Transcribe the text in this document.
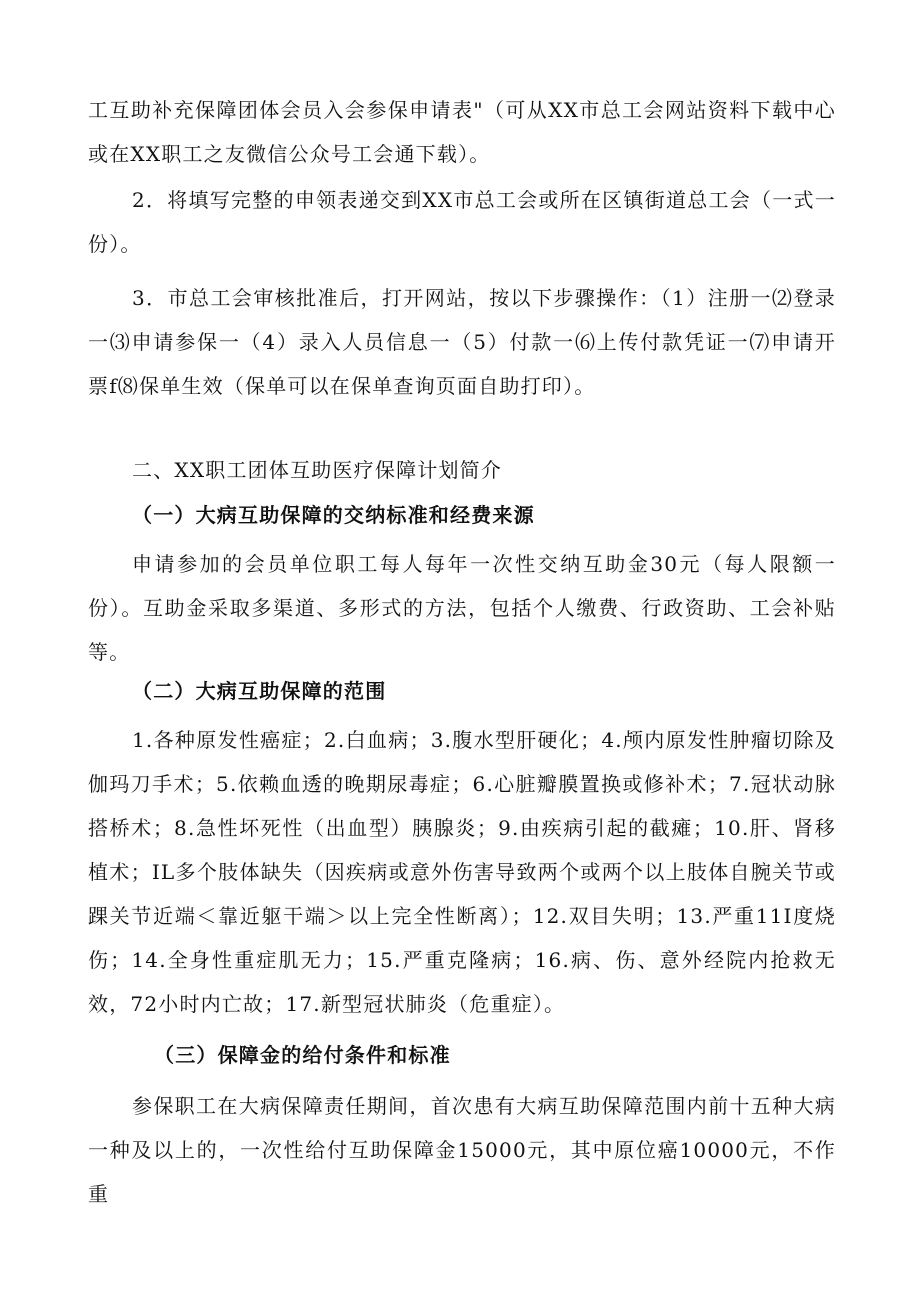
工互助补充保障团体会员入会参保申请表"（可从XX市总工会网站资料下载中心或在XX职工之友微信公众号工会通下载）。

2．将填写完整的申领表递交到XX市总工会或所在区镇街道总工会（一式一份）。

3．市总工会审核批准后，打开网站，按以下步骤操作：（1）注册一⑵登录一⑶申请参保一（4）录入人员信息一（5）付款一⑹上传付款凭证一⑺申请开票f⑻保单生效（保单可以在保单查询页面自助打印）。

二、XX职工团体互助医疗保障计划简介

（一）大病互助保障的交纳标准和经费来源

申请参加的会员单位职工每人每年一次性交纳互助金30元（每人限额一份）。互助金采取多渠道、多形式的方法，包括个人缴费、行政资助、工会补贴等。

（二）大病互助保障的范围

1.各种原发性癌症；2.白血病；3.腹水型肝硬化；4.颅内原发性肿瘤切除及伽玛刀手术；5.依赖血透的晚期尿毒症；6.心脏瓣膜置换或修补术；7.冠状动脉搭桥术；8.急性坏死性（出血型）胰腺炎；9.由疾病引起的截瘫；10.肝、肾移植术；IL多个肢体缺失（因疾病或意外伤害导致两个或两个以上肢体自腕关节或踝关节近端＜靠近躯干端＞以上完全性断离）；12.双目失明；13.严重11I度烧伤；14.全身性重症肌无力；15.严重克隆病；16.病、伤、意外经院内抢救无效，72小时内亡故；17.新型冠状肺炎（危重症）。

（三）保障金的给付条件和标准

参保职工在大病保障责任期间，首次患有大病互助保障范围内前十五种大病一种及以上的，一次性给付互助保障金15000元，其中原位癌10000元，不作重
